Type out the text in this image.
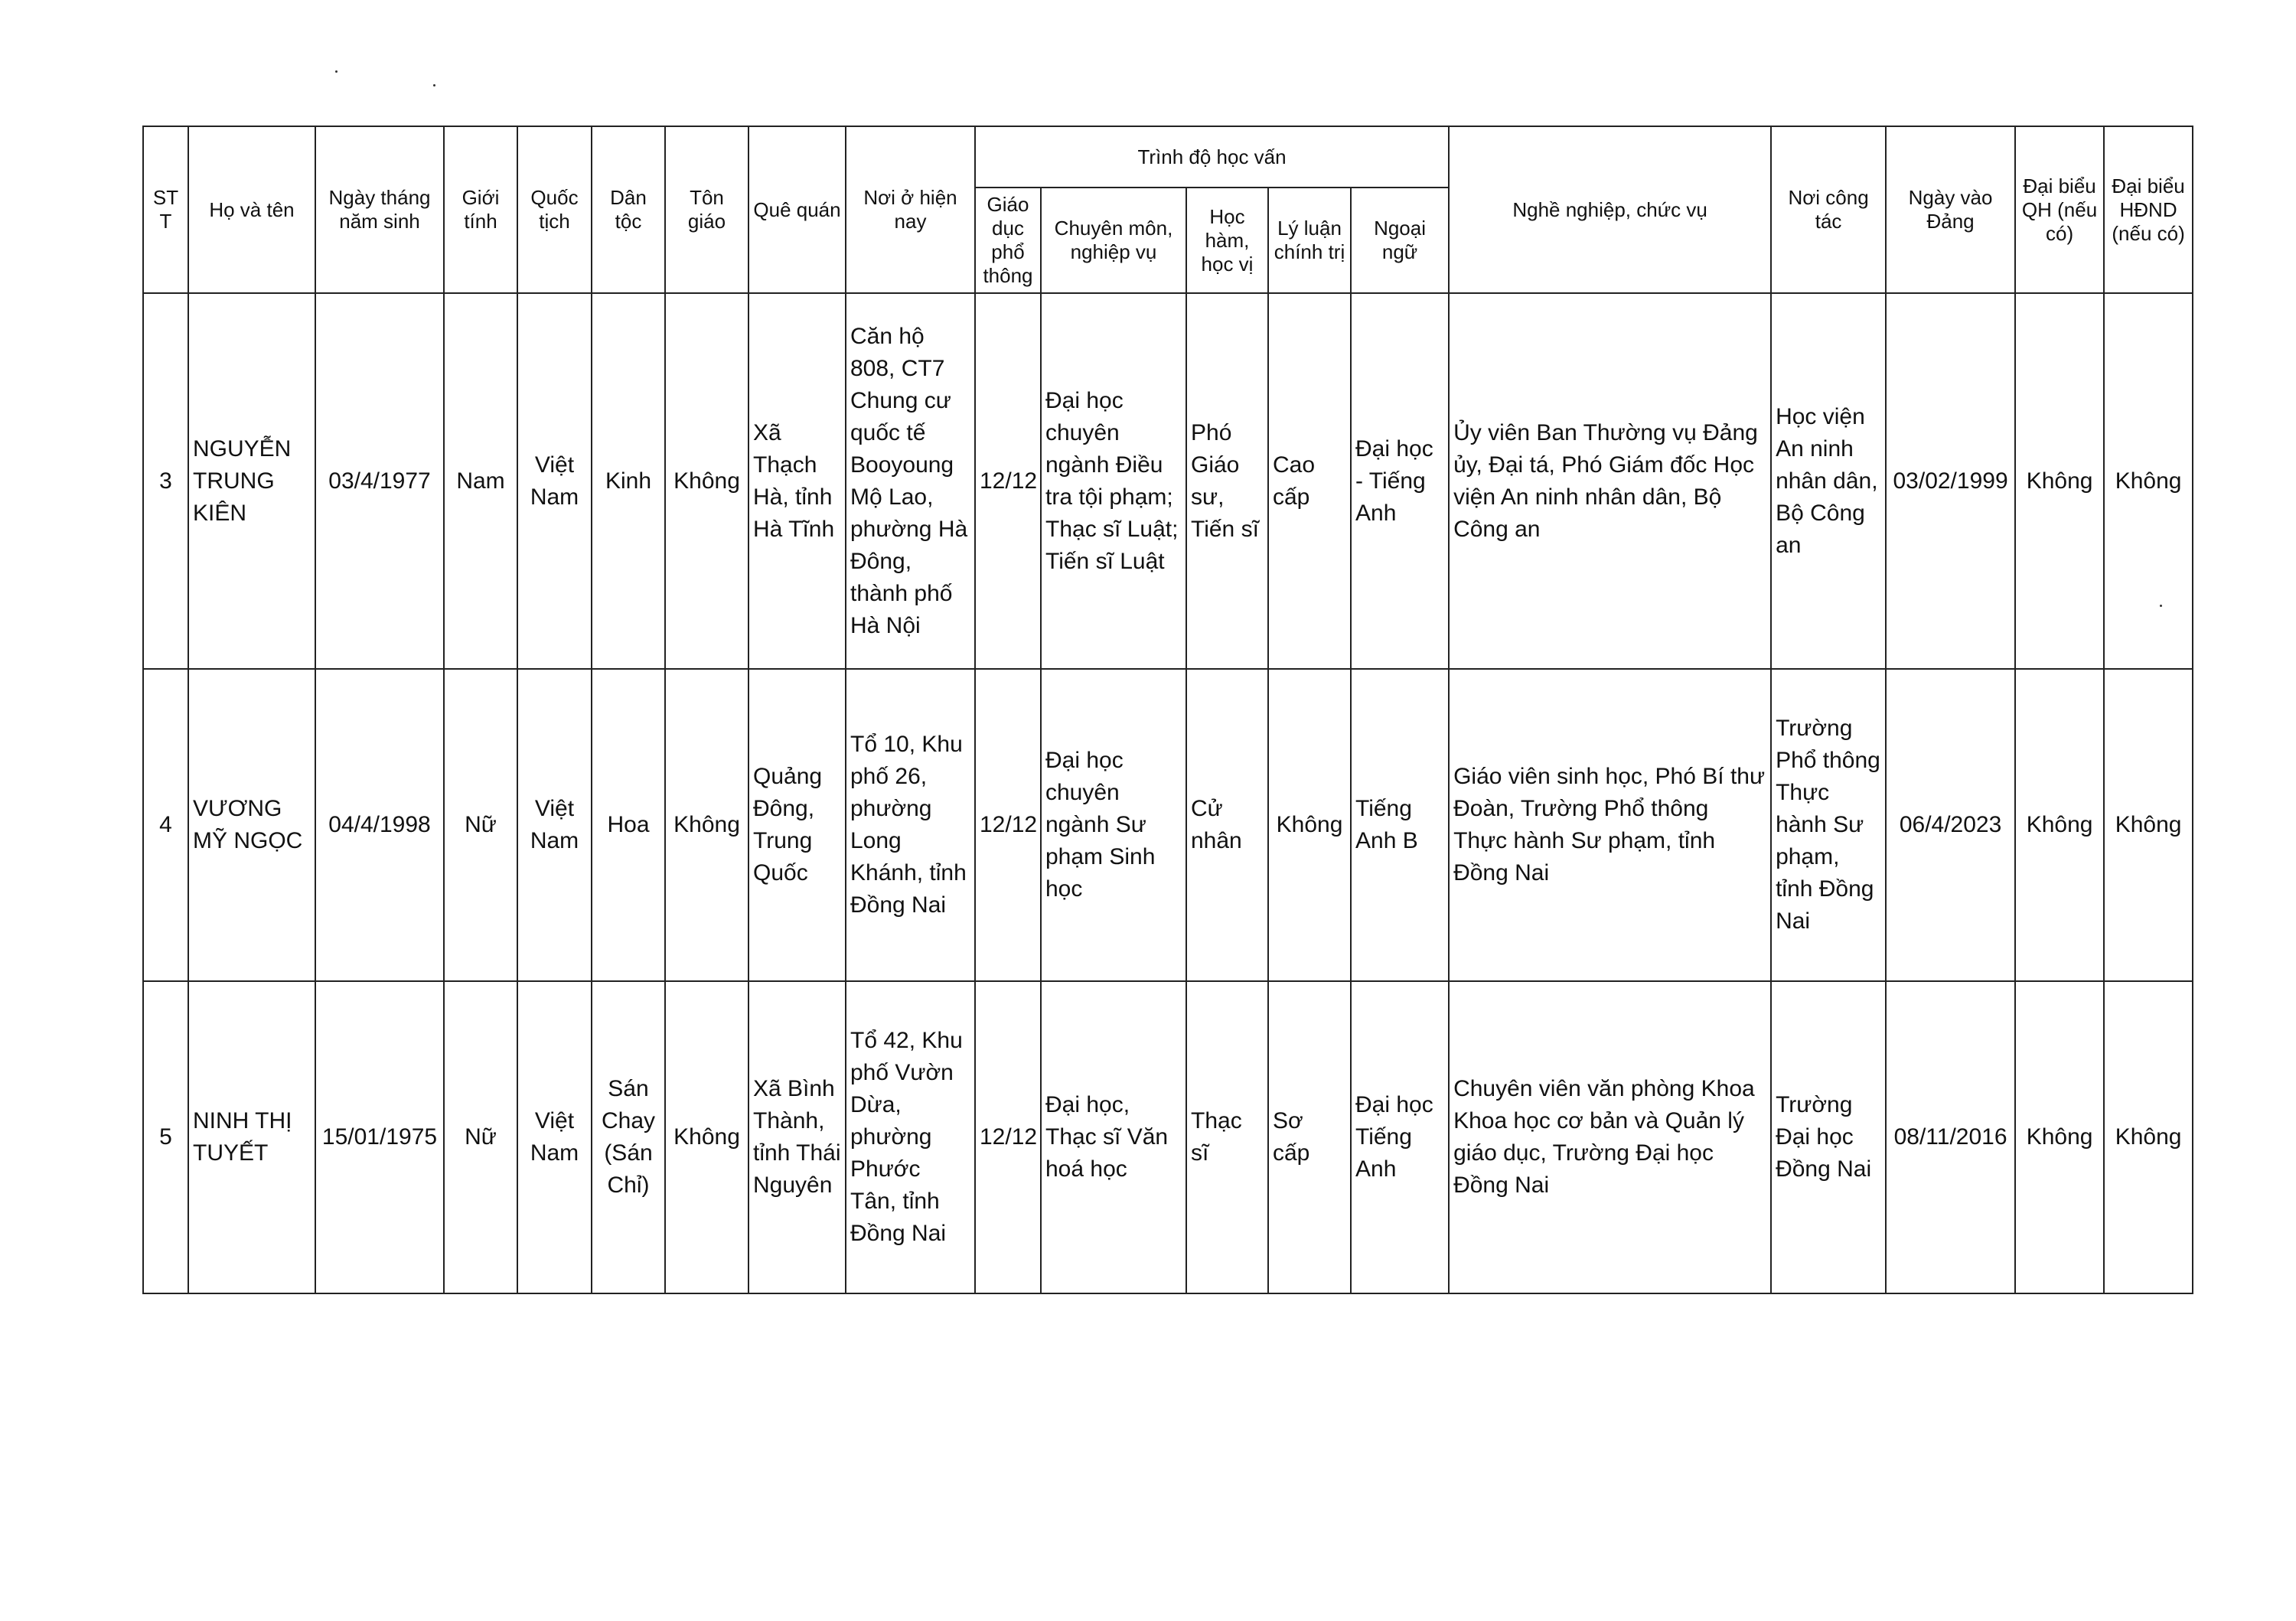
ST T	Họ và tên	Ngày tháng năm sinh	Giới tính	Quốc tịch	Dân tộc	Tôn giáo	Quê quán	Nơi ở hiện nay	Trình độ học vấn					Nghề nghiệp, chức vụ	Nơi công tác	Ngày vào Đảng	Đại biểu QH (nếu có)	Đại biểu HĐND (nếu có)
									Giáo dục phổ thông	Chuyên môn, nghiệp vụ	Học hàm, học vị	Lý luận chính trị	Ngoại ngữ					
3	NGUYỄN TRUNG KIÊN	03/4/1977	Nam	Việt Nam	Kinh	Không	Xã Thạch Hà, tỉnh Hà Tĩnh	Căn hộ 808, CT7 Chung cư quốc tế Booyoung Mộ Lao, phường Hà Đông, thành phố Hà Nội	12/12	Đại học chuyên ngành Điều tra tội phạm; Thạc sĩ Luật; Tiến sĩ Luật	Phó Giáo sư, Tiến sĩ	Cao cấp	Đại học - Tiếng Anh	Ủy viên Ban Thường vụ Đảng ủy, Đại tá, Phó Giám đốc Học viện An ninh nhân dân, Bộ Công an	Học viện An ninh nhân dân, Bộ Công an	03/02/1999	Không	Không
4	VƯƠNG MỸ NGỌC	04/4/1998	Nữ	Việt Nam	Hoa	Không	Quảng Đông, Trung Quốc	Tổ 10, Khu phố 26, phường Long Khánh, tỉnh Đồng Nai	12/12	Đại học chuyên ngành Sư phạm Sinh học	Cử nhân	Không	Tiếng Anh B	Giáo viên sinh học, Phó Bí thư Đoàn, Trường Phổ thông Thực hành Sư phạm, tỉnh Đồng Nai	Trường Phổ thông Thực hành Sư phạm, tỉnh Đồng Nai	06/4/2023	Không	Không
5	NINH THỊ TUYẾT	15/01/1975	Nữ	Việt Nam	Sán Chay (Sán Chỉ)	Không	Xã Bình Thành, tỉnh Thái Nguyên	Tổ 42, Khu phố Vườn Dừa, phường Phước Tân, tỉnh Đồng Nai	12/12	Đại học, Thạc sĩ Văn hoá học	Thạc sĩ	Sơ cấp	Đại học Tiếng Anh	Chuyên viên văn phòng Khoa Khoa học cơ bản và Quản lý giáo dục, Trường Đại học Đồng Nai	Trường Đại học Đồng Nai	08/11/2016	Không	Không
